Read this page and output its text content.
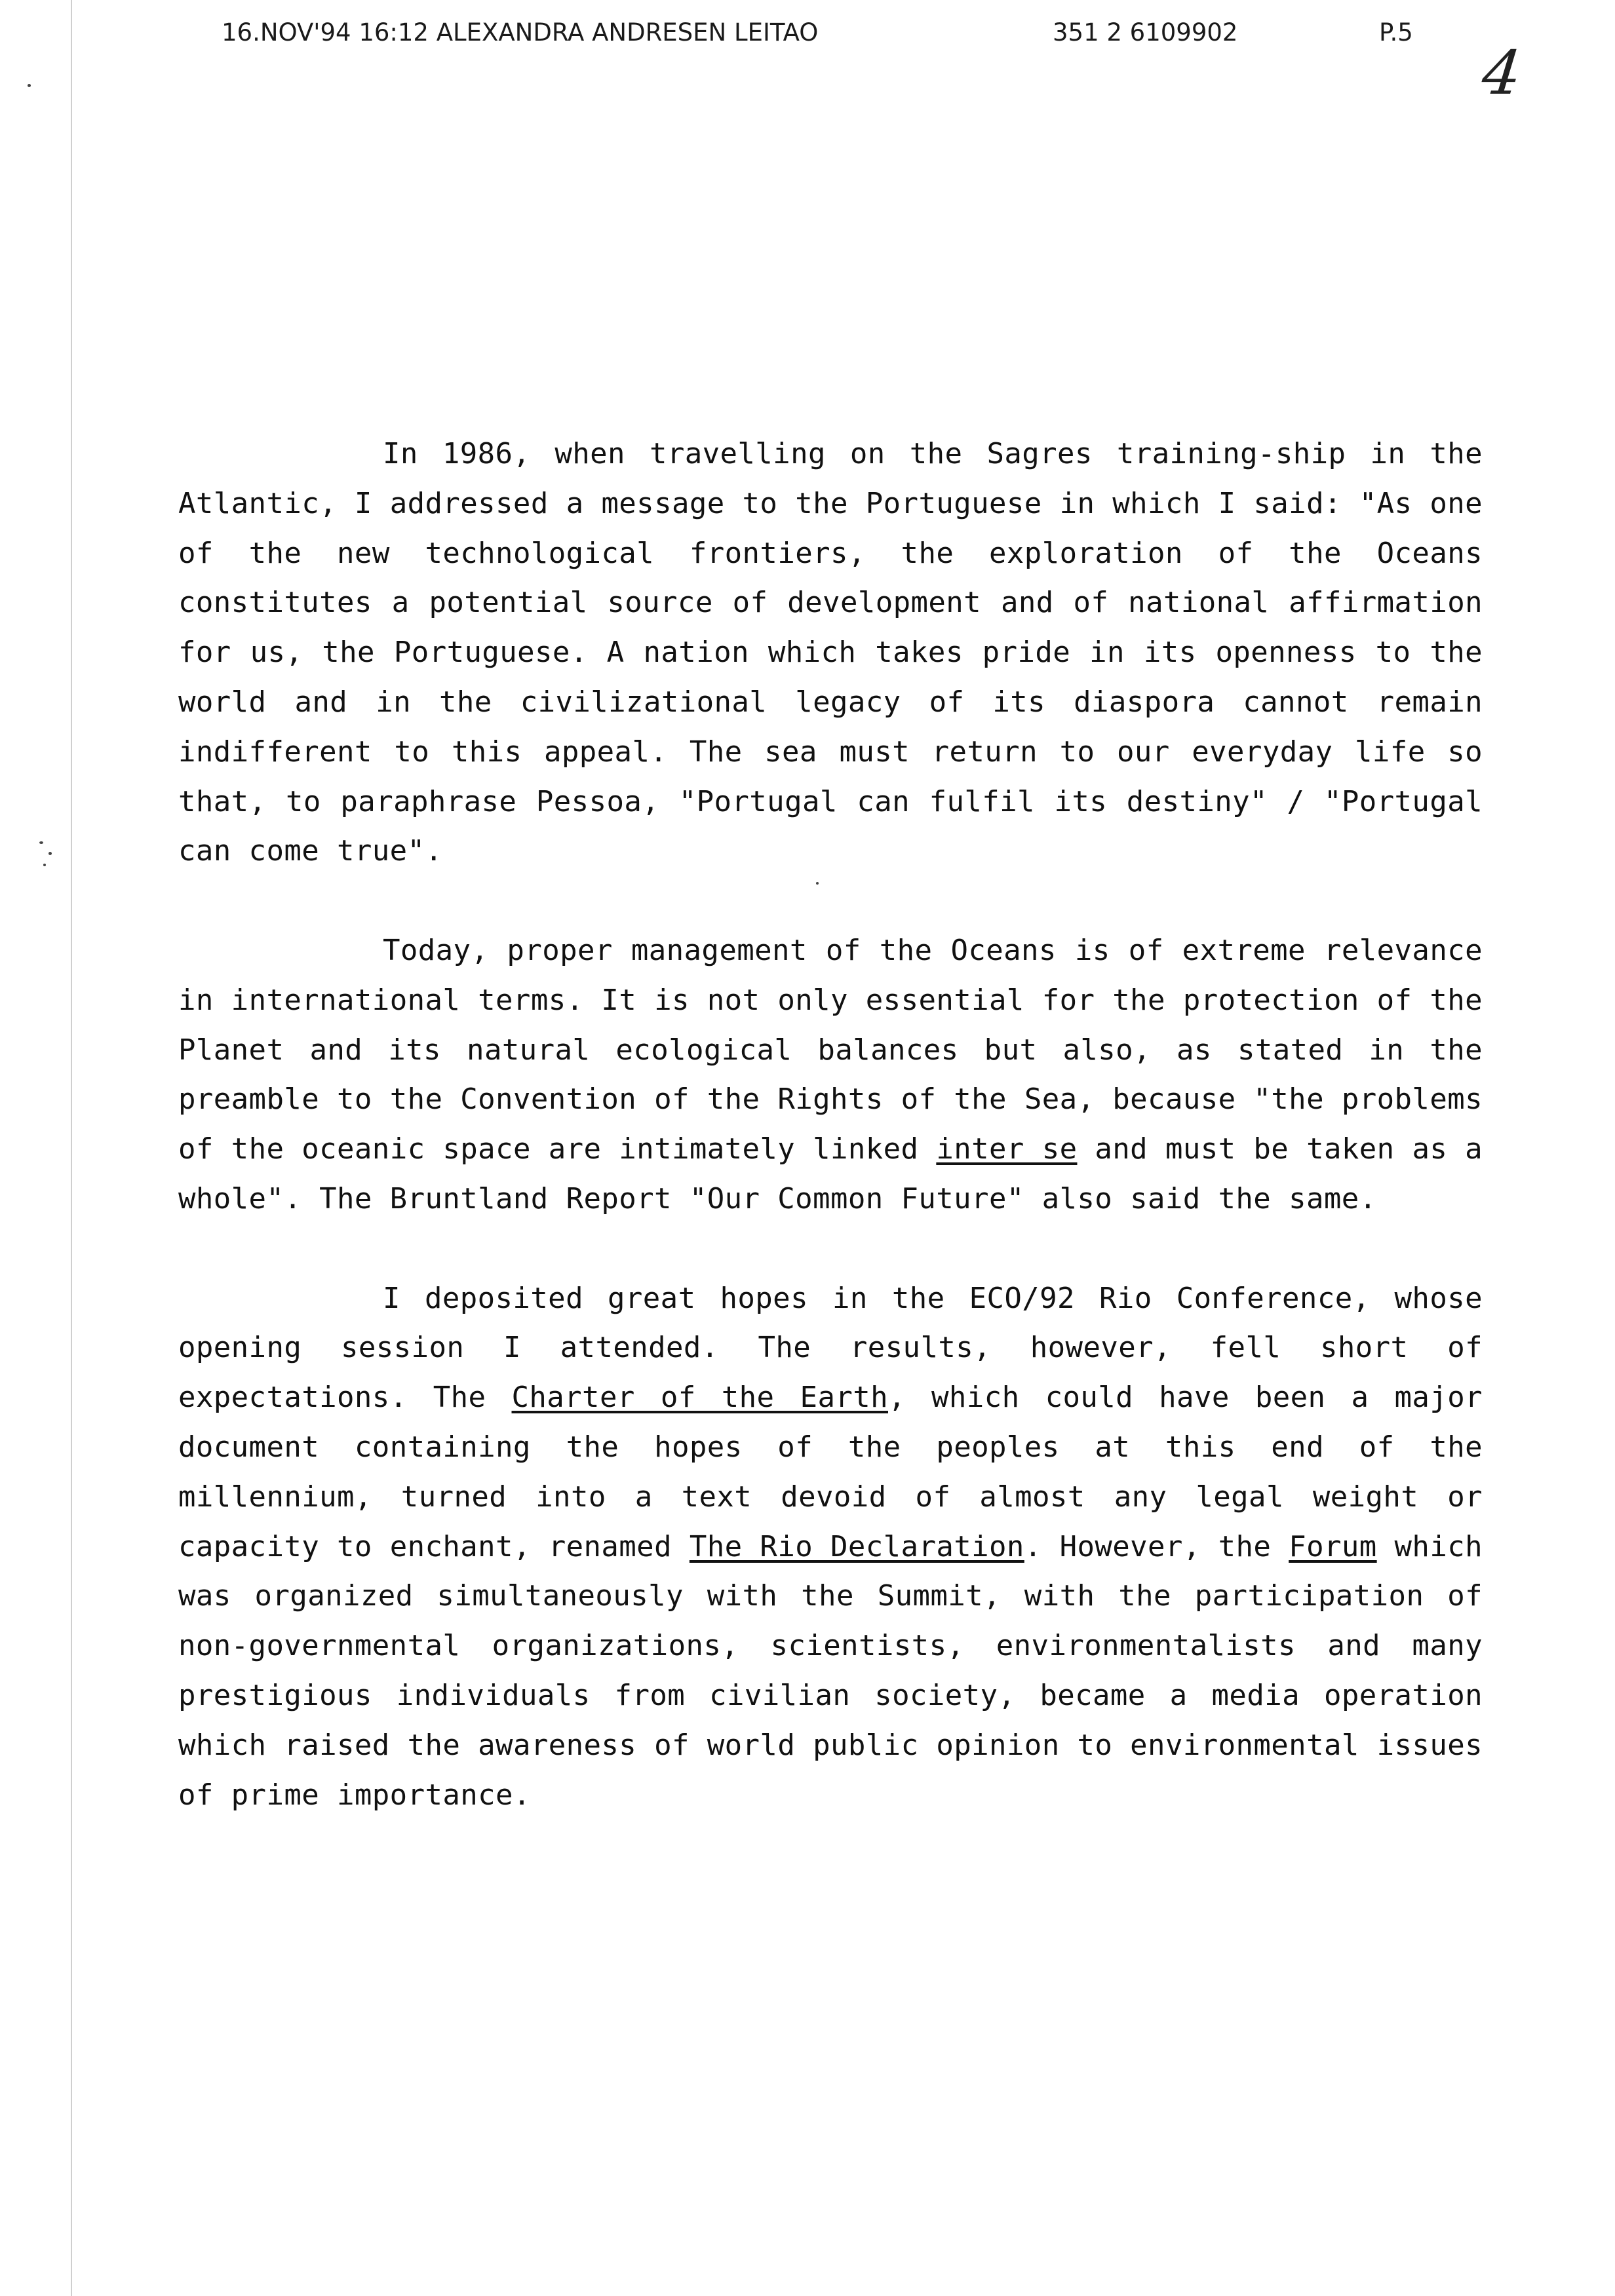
16.NOV'94 16:12 ALEXANDRA ANDRESEN LEITAO	351 2 6109902	P.5
4

In 1986, when travelling on the Sagres training-ship in the Atlantic, I addressed a message to the Portuguese in which I said: "As one of the new technological frontiers, the exploration of the Oceans constitutes a potential source of development and of national affirmation for us, the Portuguese. A nation which takes pride in its openness to the world and in the civilizational legacy of its diaspora cannot remain indifferent to this appeal. The sea must return to our everyday life so that, to paraphrase Pessoa, "Portugal can fulfil its destiny" / "Portugal can come true".

Today, proper management of the Oceans is of extreme relevance in international terms. It is not only essential for the protection of the Planet and its natural ecological balances but also, as stated in the preamble to the Convention of the Rights of the Sea, because "the problems of the oceanic space are intimately linked inter se and must be taken as a whole". The Bruntland Report "Our Common Future" also said the same.

I deposited great hopes in the ECO/92 Rio Conference, whose opening session I attended. The results, however, fell short of expectations. The Charter of the Earth, which could have been a major document containing the hopes of the peoples at this end of the millennium, turned into a text devoid of almost any legal weight or capacity to enchant, renamed The Rio Declaration. However, the Forum which was organized simultaneously with the Summit, with the participation of non-governmental organizations, scientists, environmentalists and many prestigious individuals from civilian society, became a media operation which raised the awareness of world public opinion to environmental issues of prime importance.
